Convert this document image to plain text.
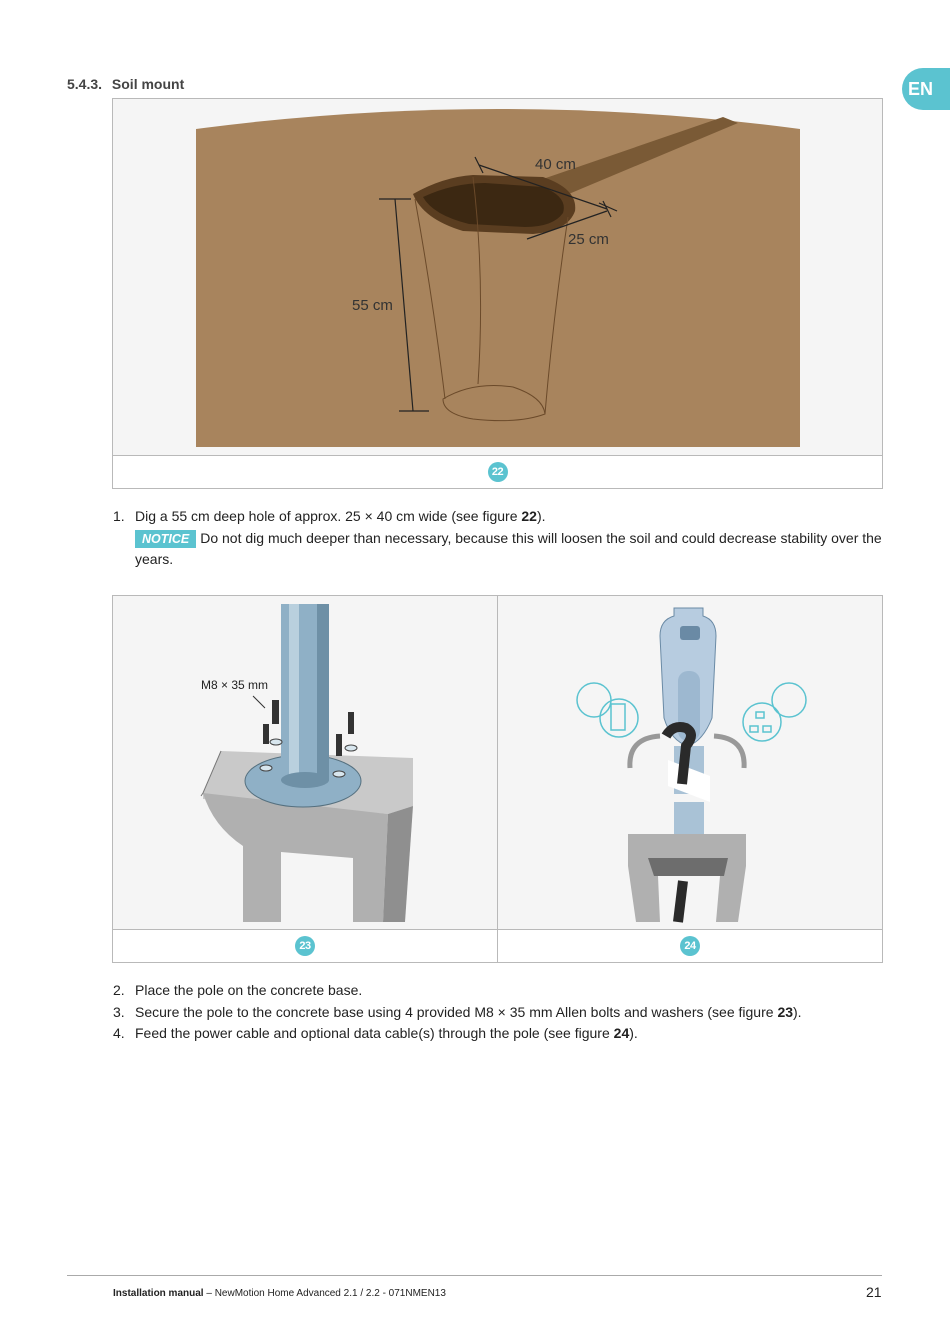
EN
5.4.3. Soil mount
40 cm
25 cm
55 cm
22
1. Dig a 55 cm deep hole of approx. 25 × 40 cm wide (see figure 22).
NOTICE Do not dig much deeper than necessary, because this will loosen the soil and could decrease stability over the years.
M8 × 35 mm
23	24
2. Place the pole on the concrete base.
3. Secure the pole to the concrete base using 4 provided M8 × 35 mm Allen bolts and washers (see figure 23).
4. Feed the power cable and optional data cable(s) through the pole (see figure 24).
Installation manual – NewMotion Home Advanced 2.1 / 2.2 - 071NMEN13	21
